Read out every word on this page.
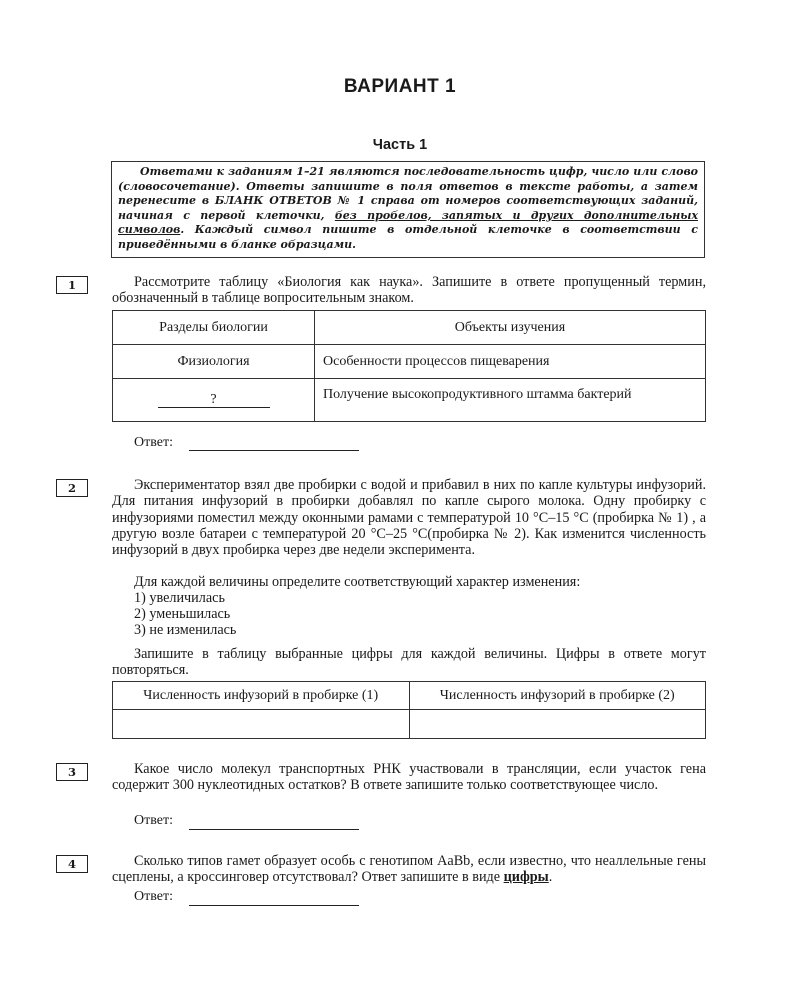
ВАРИАНТ 1
Часть 1
Ответами к заданиям 1–21 являются последовательность цифр, число или слово (словосочетание). Ответы запишите в поля ответов в тексте работы, а затем перенесите в БЛАНК ОТВЕТОВ № 1 справа от номеров соответствующих заданий, начиная с первой клеточки, без пробелов, запятых и других дополнительных символов. Каждый символ пишите в отдельной клеточке в соответствии с приведёнными в бланке образцами.
1	Рассмотрите таблицу «Биология как наука». Запишите в ответе пропущенный термин, обозначенный в таблице вопросительным знаком.
Разделы биологии	Объекты изучения
Физиология	Особенности процессов пищеварения
?	Получение высокопродуктивного штамма бактерий
Ответ:
2	Экспериментатор взял две пробирки с водой и прибавил в них по капле культуры инфузорий. Для питания инфузорий в пробирки добавлял по капле сырого молока. Одну пробирку с инфузориями поместил между оконными рамами с температурой 10 °C–15 °C (пробирка № 1) , а другую возле батареи с температурой 20 °C–25 °C(пробирка № 2). Как изменится численность инфузорий в двух пробирка через две недели эксперимента.
Для каждой величины определите соответствующий характер изменения:
1) увеличилась
2) уменьшилась
3) не изменилась
Запишите в таблицу выбранные цифры для каждой величины. Цифры в ответе могут повторяться.
Численность инфузорий в пробирке (1)	Численность инфузорий в пробирке (2)

3	Какое число молекул транспортных РНК участвовали в трансляции, если участок гена содержит 300 нуклеотидных остатков? В ответе запишите только соответствующее число.
Ответ:
4	Сколько типов гамет образует особь с генотипом AaBb, если известно, что неаллельные гены сцеплены, а кроссинговер отсутствовал? Ответ запишите в виде цифры.
Ответ:
